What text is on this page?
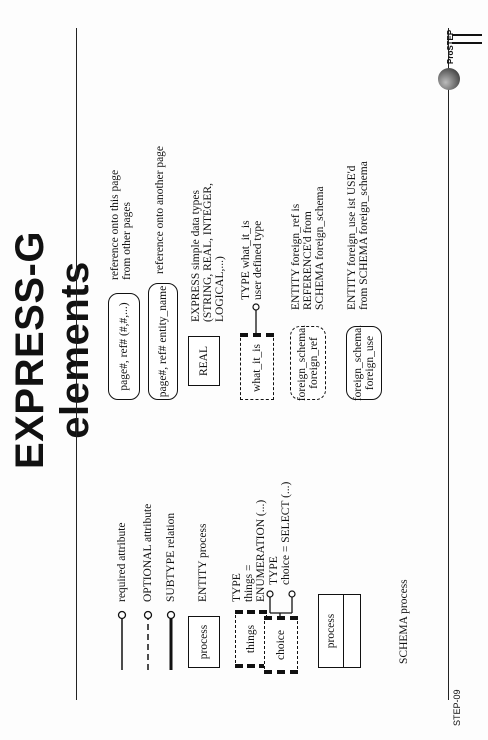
EXPRESS-G elements
required attribute OPTIONAL attribute SUBTYPE relation
process
ENTITY process
things
TYPE
things =
ENUMERATION (...)
choice
TYPE
choice = SELECT (...)
process	SCHEMA process
page#, ref# (#,#,...)
reference onto this page
from other pages
page#, ref# entity_name
reference onto another page
REAL
EXPRESS simple data types
(STRING, REAL, INTEGER,
LOGICAL,...)
what_it_is
TYPE what_it_is
user defined type
foreign_schema.
foreign_ref
ENTITY foreign_ref is
REFERENCE'd from
SCHEMA foreign_schema
foreign_schema.
foreign_use
ENTITY foreign_use ist USE'd
from SCHEMA foreign_schema
STEP-09
ProSTEP
